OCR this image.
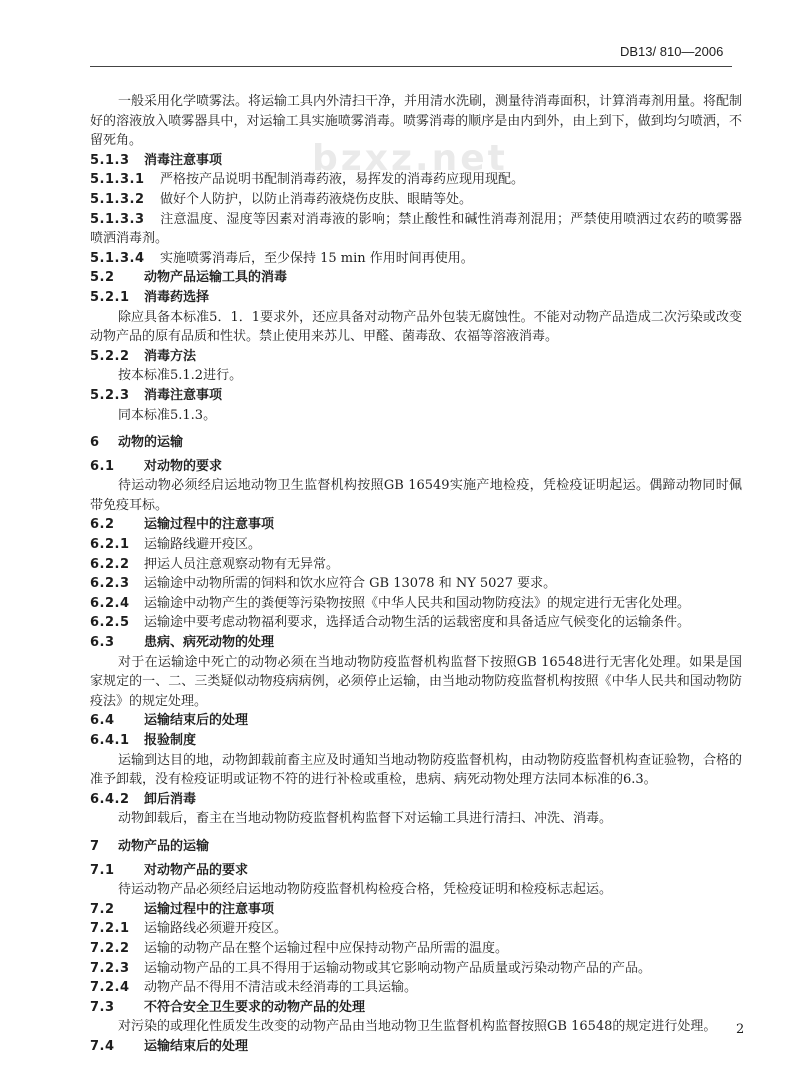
DB13/ 810—2006
bzxz.net
一般采用化学喷雾法。将运输工具内外清扫干净，并用清水洗刷，测量待消毒面积，计算消毒剂用量。将配制好的溶液放入喷雾器具中，对运输工具实施喷雾消毒。喷雾消毒的顺序是由内到外，由上到下，做到均匀喷洒，不留死角。
5.1.3 消毒注意事项
5.1.3.1 严格按产品说明书配制消毒药液，易挥发的消毒药应现用现配。
5.1.3.2 做好个人防护，以防止消毒药液烧伤皮肤、眼睛等处。
5.1.3.3 注意温度、湿度等因素对消毒液的影响；禁止酸性和碱性消毒剂混用；严禁使用喷洒过农药的喷雾器喷洒消毒剂。
5.1.3.4 实施喷雾消毒后，至少保持 15 min 作用时间再使用。
5.2 动物产品运输工具的消毒
5.2.1 消毒药选择
除应具备本标准5．1．1要求外，还应具备对动物产品外包装无腐蚀性。不能对动物产品造成二次污染或改变动物产品的原有品质和性状。禁止使用来苏儿、甲醛、菌毒敌、农福等溶液消毒。
5.2.2 消毒方法
按本标准5.1.2进行。
5.2.3 消毒注意事项
同本标准5.1.3。
6 动物的运输
6.1 对动物的要求
待运动物必须经启运地动物卫生监督机构按照GB 16549实施产地检疫，凭检疫证明起运。偶蹄动物同时佩带免疫耳标。
6.2 运输过程中的注意事项
6.2.1 运输路线避开疫区。
6.2.2 押运人员注意观察动物有无异常。
6.2.3 运输途中动物所需的饲料和饮水应符合 GB 13078 和 NY 5027 要求。
6.2.4 运输途中动物产生的粪便等污染物按照《中华人民共和国动物防疫法》的规定进行无害化处理。
6.2.5 运输途中要考虑动物福利要求，选择适合动物生活的运载密度和具备适应气候变化的运输条件。
6.3 患病、病死动物的处理
对于在运输途中死亡的动物必须在当地动物防疫监督机构监督下按照GB 16548进行无害化处理。如果是国家规定的一、二、三类疑似动物疫病病例，必须停止运输，由当地动物防疫监督机构按照《中华人民共和国动物防疫法》的规定处理。
6.4 运输结束后的处理
6.4.1 报验制度
运输到达目的地，动物卸载前畜主应及时通知当地动物防疫监督机构，由动物防疫监督机构查证验物，合格的准予卸载，没有检疫证明或证物不符的进行补检或重检，患病、病死动物处理方法同本标准的6.3。
6.4.2 卸后消毒
动物卸载后，畜主在当地动物防疫监督机构监督下对运输工具进行清扫、冲洗、消毒。
7 动物产品的运输
7.1 对动物产品的要求
待运动物产品必须经启运地动物防疫监督机构检疫合格，凭检疫证明和检疫标志起运。
7.2 运输过程中的注意事项
7.2.1 运输路线必须避开疫区。
7.2.2 运输的动物产品在整个运输过程中应保持动物产品所需的温度。
7.2.3 运输动物产品的工具不得用于运输动物或其它影响动物产品质量或污染动物产品的产品。
7.2.4 动物产品不得用不清洁或未经消毒的工具运输。
7.3 不符合安全卫生要求的动物产品的处理
对污染的或理化性质发生改变的动物产品由当地动物卫生监督机构监督按照GB 16548的规定进行处理。
7.4 运输结束后的处理
2
